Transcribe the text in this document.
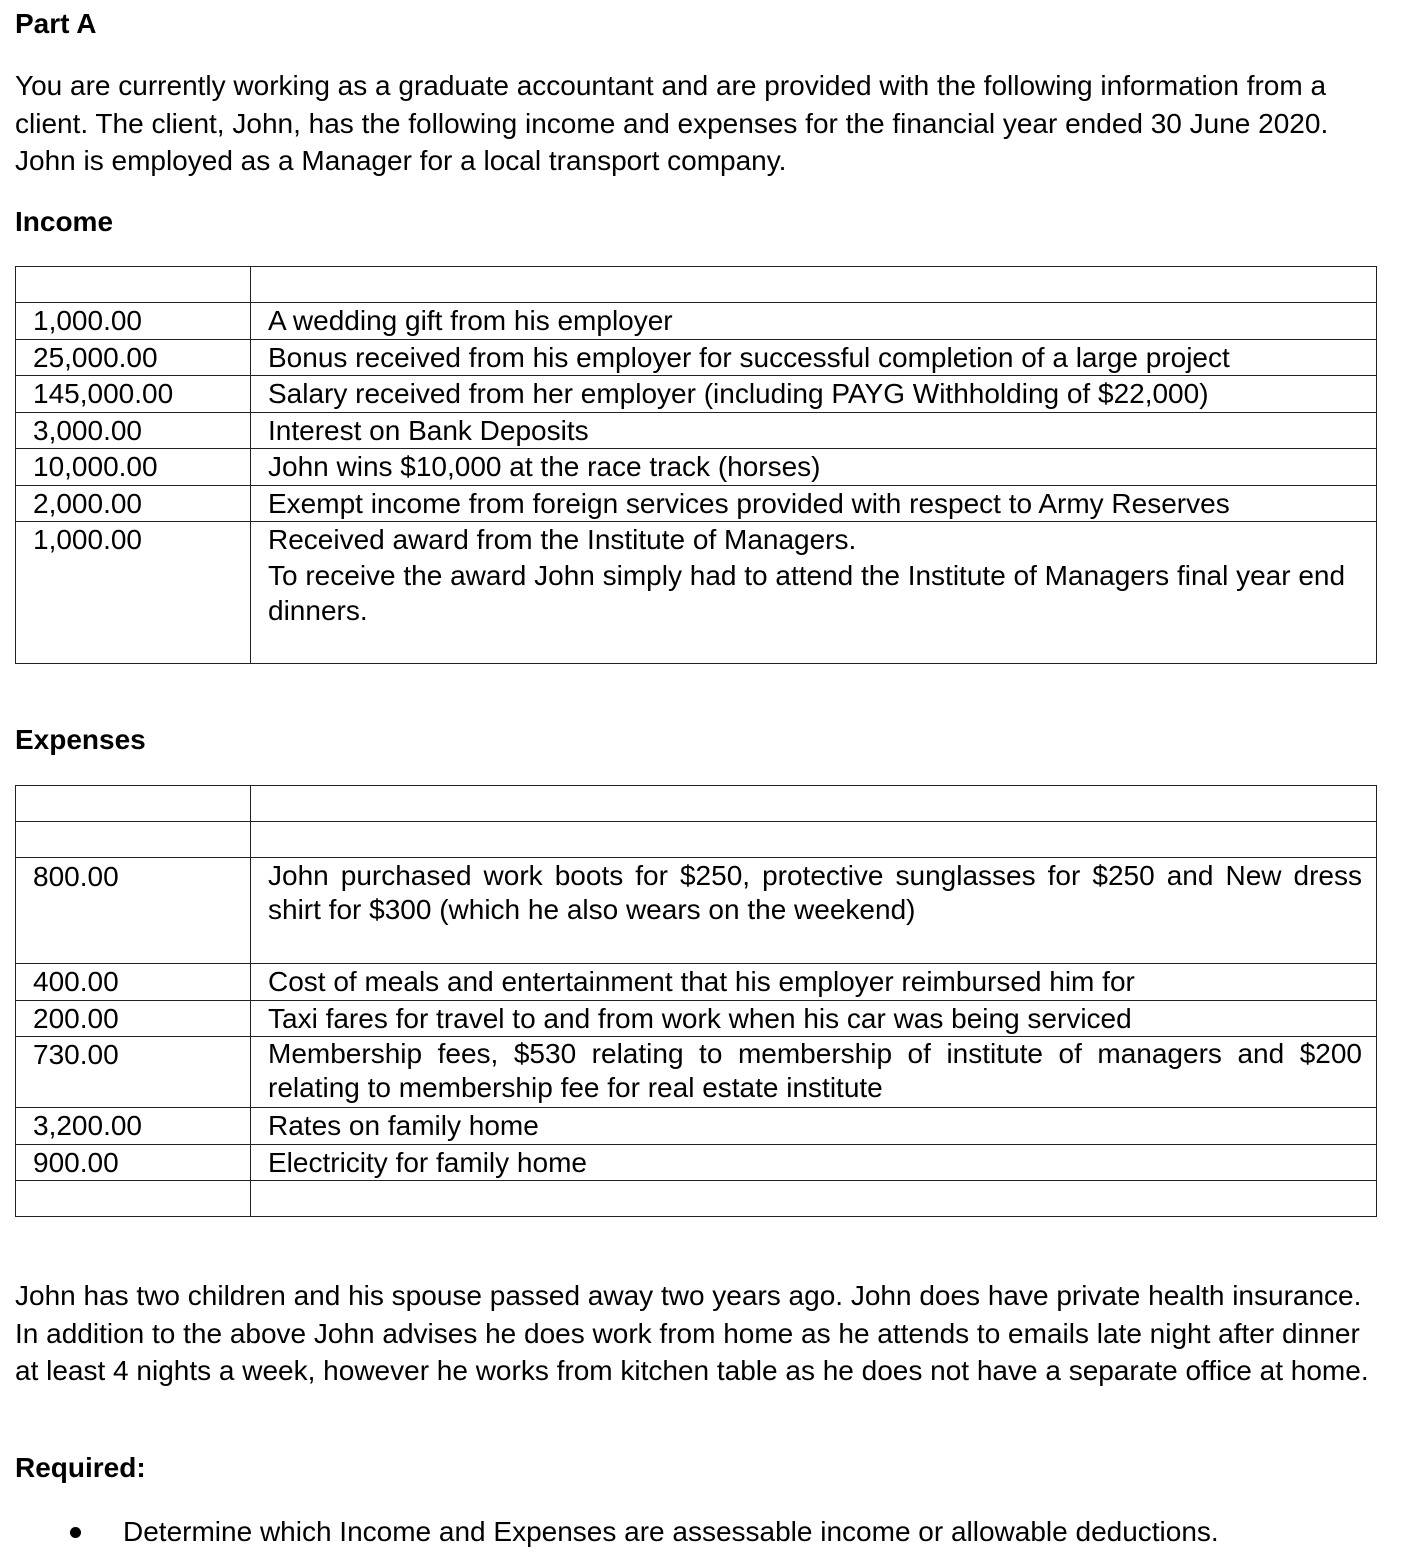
Part A

You are currently working as a graduate accountant and are provided with the following information from a client. The client, John, has the following income and expenses for the financial year ended 30 June 2020. John is employed as a Manager for a local transport company.

Income

1,000.00	A wedding gift from his employer
25,000.00	Bonus received from his employer for successful completion of a large project
145,000.00	Salary received from her employer (including PAYG Withholding of $22,000)
3,000.00	Interest on Bank Deposits
10,000.00	John wins $10,000 at the race track (horses)
2,000.00	Exempt income from foreign services provided with respect to Army Reserves
1,000.00	Received award from the Institute of Managers.
To receive the award John simply had to attend the Institute of Managers final year end dinners.
Expenses

800.00	John purchased work boots for $250, protective sunglasses for $250 and New dress shirt for $300 (which he also wears on the weekend)
400.00	Cost of meals and entertainment that his employer reimbursed him for
200.00	Taxi fares for travel to and from work when his car was being serviced
730.00	Membership fees, $530 relating to membership of institute of managers and $200 relating to membership fee for real estate institute
3,200.00	Rates on family home
900.00	Electricity for family home

John has two children and his spouse passed away two years ago. John does have private health insurance. In addition to the above John advises he does work from home as he attends to emails late night after dinner at least 4 nights a week, however he works from kitchen table as he does not have a separate office at home.

Required:
Determine which Income and Expenses are assessable income or allowable deductions.
